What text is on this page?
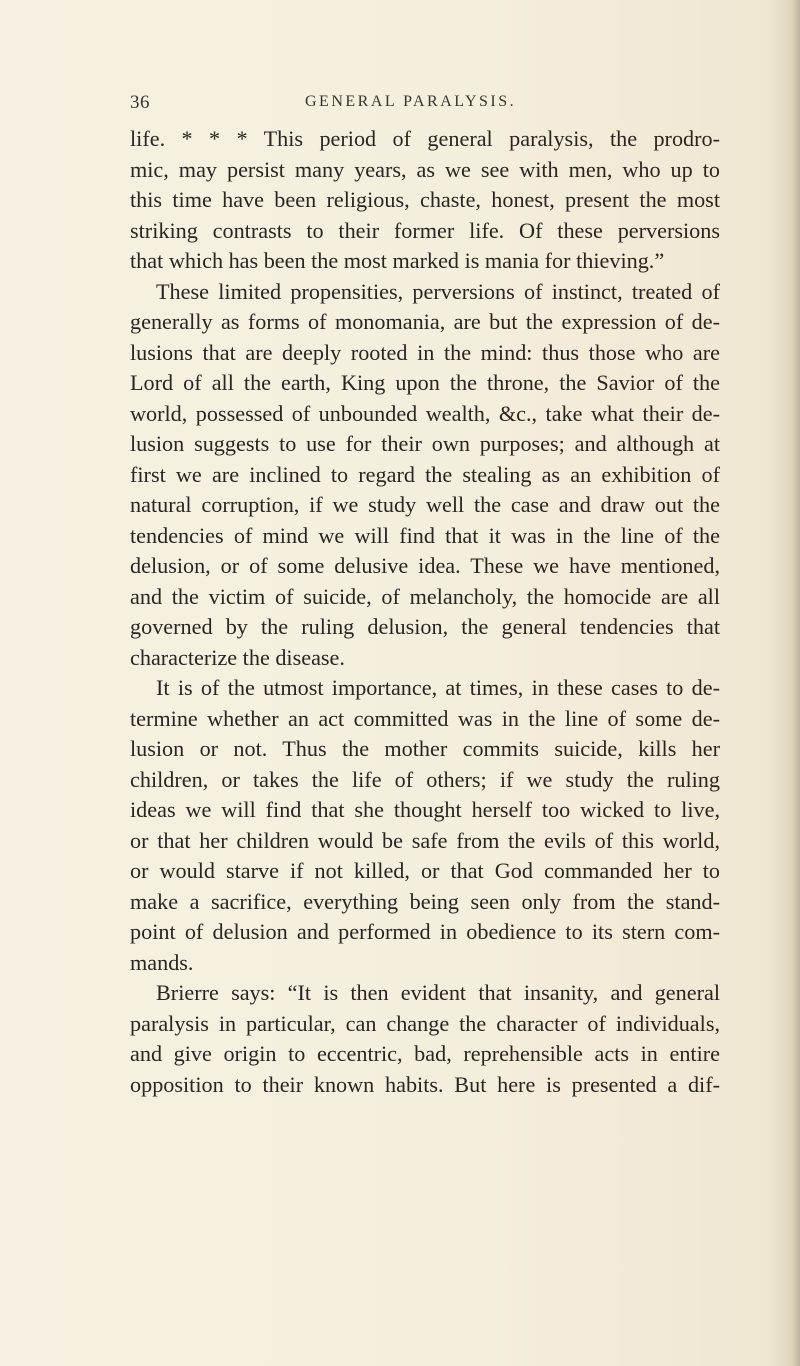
36	GENERAL PARALYSIS.
life. * * * This period of general paralysis, the prodro-
mic, may persist many years, as we see with men, who up to
this time have been religious, chaste, honest, present the most
striking contrasts to their former life. Of these perversions
that which has been the most marked is mania for thieving.”
These limited propensities, perversions of instinct, treated of
generally as forms of monomania, are but the expression of de-
lusions that are deeply rooted in the mind: thus those who are
Lord of all the earth, King upon the throne, the Savior of the
world, possessed of unbounded wealth, &c., take what their de-
lusion suggests to use for their own purposes; and although at
first we are inclined to regard the stealing as an exhibition of
natural corruption, if we study well the case and draw out the
tendencies of mind we will find that it was in the line of the
delusion, or of some delusive idea. These we have mentioned,
and the victim of suicide, of melancholy, the homocide are all
governed by the ruling delusion, the general tendencies that
characterize the disease.
It is of the utmost importance, at times, in these cases to de-
termine whether an act committed was in the line of some de-
lusion or not. Thus the mother commits suicide, kills her
children, or takes the life of others; if we study the ruling
ideas we will find that she thought herself too wicked to live,
or that her children would be safe from the evils of this world,
or would starve if not killed, or that God commanded her to
make a sacrifice, everything being seen only from the stand-
point of delusion and performed in obedience to its stern com-
mands.
Brierre says: “It is then evident that insanity, and general
paralysis in particular, can change the character of individuals,
and give origin to eccentric, bad, reprehensible acts in entire
opposition to their known habits. But here is presented a dif-
